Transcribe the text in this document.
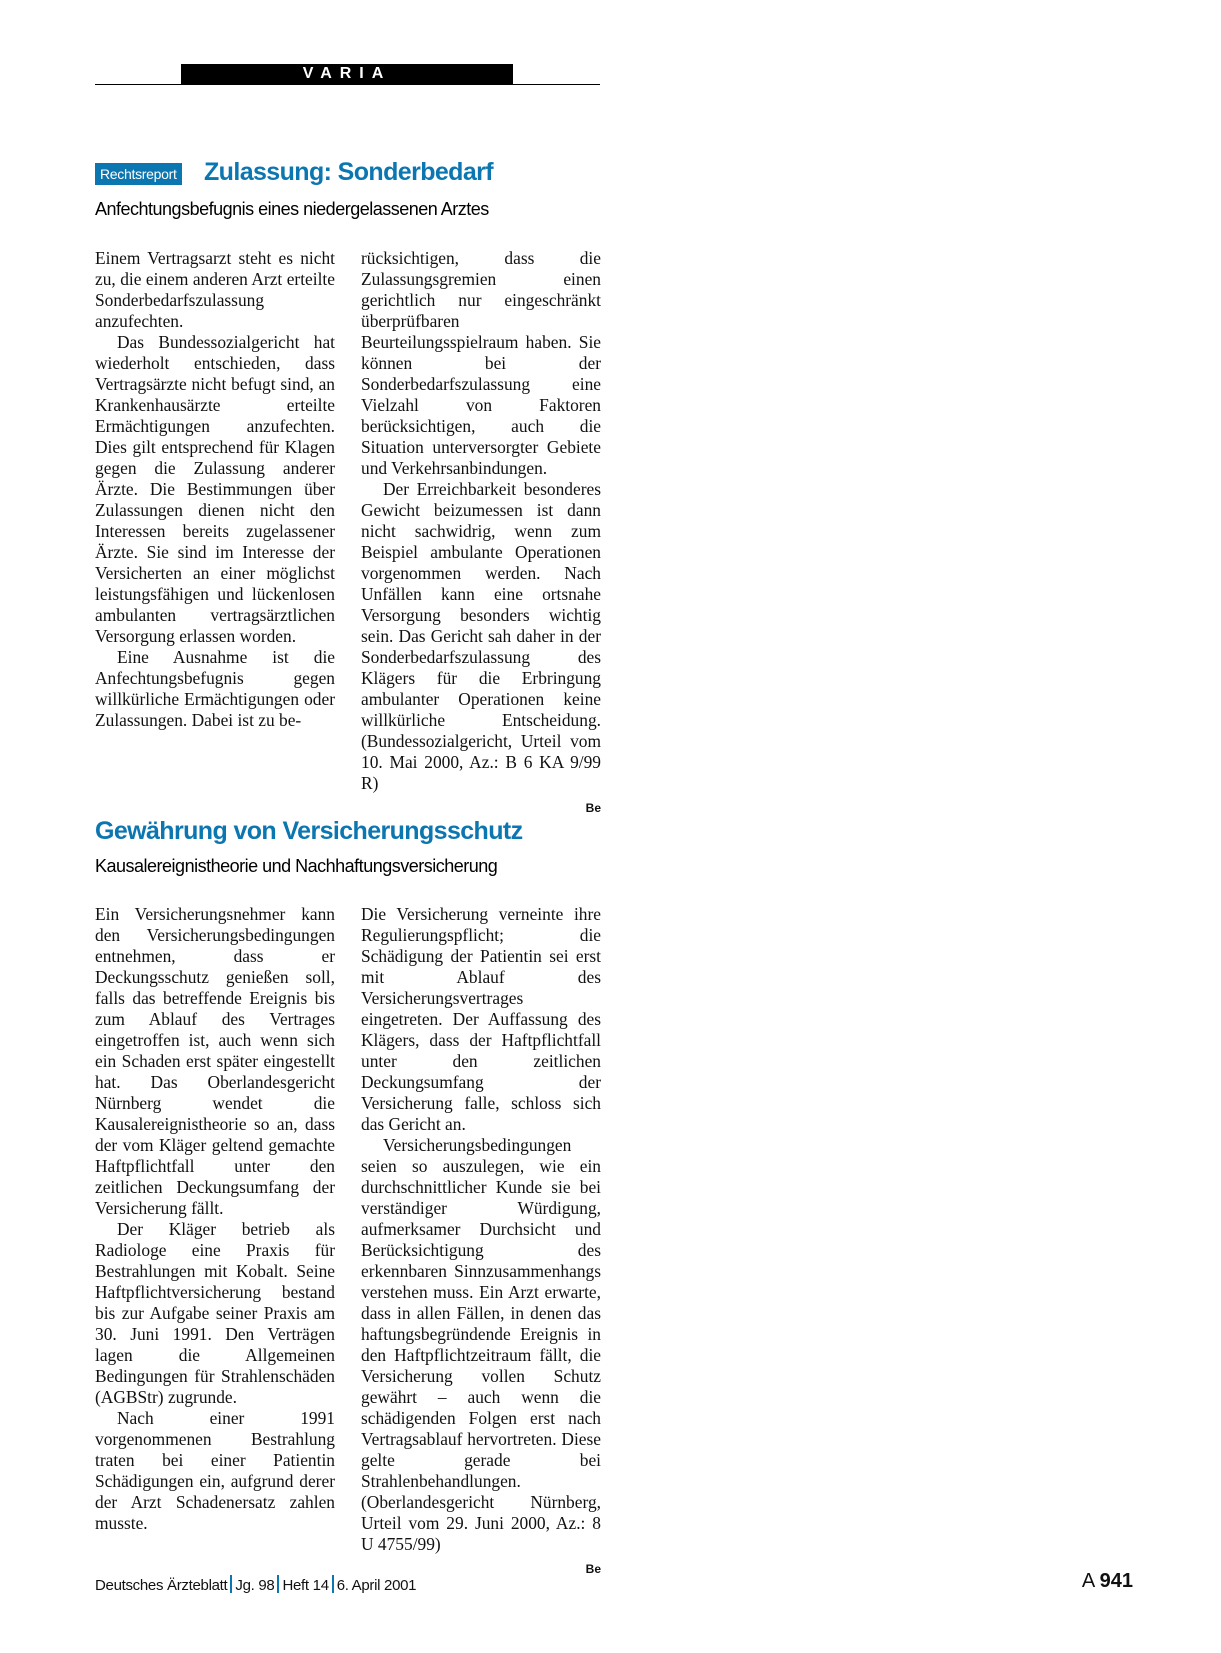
VARIA
Rechtsreport Zulassung: Sonderbedarf
Anfechtungsbefugnis eines niedergelassenen Arztes

Einem Vertragsarzt steht es nicht zu, die einem anderen Arzt erteilte Sonderbedarfszulassung anzufechten.

Das Bundessozialgericht hat wiederholt entschieden, dass Vertragsärzte nicht befugt sind, an Krankenhausärzte erteilte Ermächtigungen anzufechten. Dies gilt entsprechend für Klagen gegen die Zulassung anderer Ärzte. Die Bestimmungen über Zulassungen dienen nicht den Interessen bereits zugelassener Ärzte. Sie sind im Interesse der Versicherten an einer möglichst leistungsfähigen und lückenlosen ambulanten vertragsärztlichen Versorgung erlassen worden.

Eine Ausnahme ist die Anfechtungsbefugnis gegen willkürliche Ermächtigungen oder Zulassungen. Dabei ist zu be-

rücksichtigen, dass die Zulassungsgremien einen gerichtlich nur eingeschränkt überprüfbaren Beurteilungsspielraum haben. Sie können bei der Sonderbedarfszulassung eine Vielzahl von Faktoren berücksichtigen, auch die Situation unterversorgter Gebiete und Verkehrsanbindungen.

Der Erreichbarkeit besonderes Gewicht beizumessen ist dann nicht sachwidrig, wenn zum Beispiel ambulante Operationen vorgenommen werden. Nach Unfällen kann eine ortsnahe Versorgung besonders wichtig sein. Das Gericht sah daher in der Sonderbedarfszulassung des Klägers für die Erbringung ambulanter Operationen keine willkürliche Entscheidung. (Bundessozialgericht, Urteil vom 10. Mai 2000, Az.: B 6 KA 9/99 R)

Be
Gewährung von Versicherungsschutz
Kausalereignistheorie und Nachhaftungsversicherung

Ein Versicherungsnehmer kann den Versicherungsbedingungen entnehmen, dass er Deckungsschutz genießen soll, falls das betreffende Ereignis bis zum Ablauf des Vertrages eingetroffen ist, auch wenn sich ein Schaden erst später eingestellt hat. Das Oberlandesgericht Nürnberg wendet die Kausalereignistheorie so an, dass der vom Kläger geltend gemachte Haftpflichtfall unter den zeitlichen Deckungsumfang der Versicherung fällt.

Der Kläger betrieb als Radiologe eine Praxis für Bestrahlungen mit Kobalt. Seine Haftpflichtversicherung bestand bis zur Aufgabe seiner Praxis am 30. Juni 1991. Den Verträgen lagen die Allgemeinen Bedingungen für Strahlenschäden (AGBStr) zugrunde.

Nach einer 1991 vorgenommenen Bestrahlung traten bei einer Patientin Schädigungen ein, aufgrund derer der Arzt Schadenersatz zahlen musste.

Die Versicherung verneinte ihre Regulierungspflicht; die Schädigung der Patientin sei erst mit Ablauf des Versicherungsvertrages eingetreten. Der Auffassung des Klägers, dass der Haftpflichtfall unter den zeitlichen Deckungsumfang der Versicherung falle, schloss sich das Gericht an.

Versicherungsbedingungen seien so auszulegen, wie ein durchschnittlicher Kunde sie bei verständiger Würdigung, aufmerksamer Durchsicht und Berücksichtigung des erkennbaren Sinnzusammenhangs verstehen muss. Ein Arzt erwarte, dass in allen Fällen, in denen das haftungsbegründende Ereignis in den Haftpflichtzeitraum fällt, die Versicherung vollen Schutz gewährt – auch wenn die schädigenden Folgen erst nach Vertragsablauf hervortreten. Diese gelte gerade bei Strahlenbehandlungen. (Oberlandesgericht Nürnberg, Urteil vom 29. Juni 2000, Az.: 8 U 4755/99)

Be
Deutsches Ärzteblatt Jg. 98 Heft 14 6. April 2001	A 941
